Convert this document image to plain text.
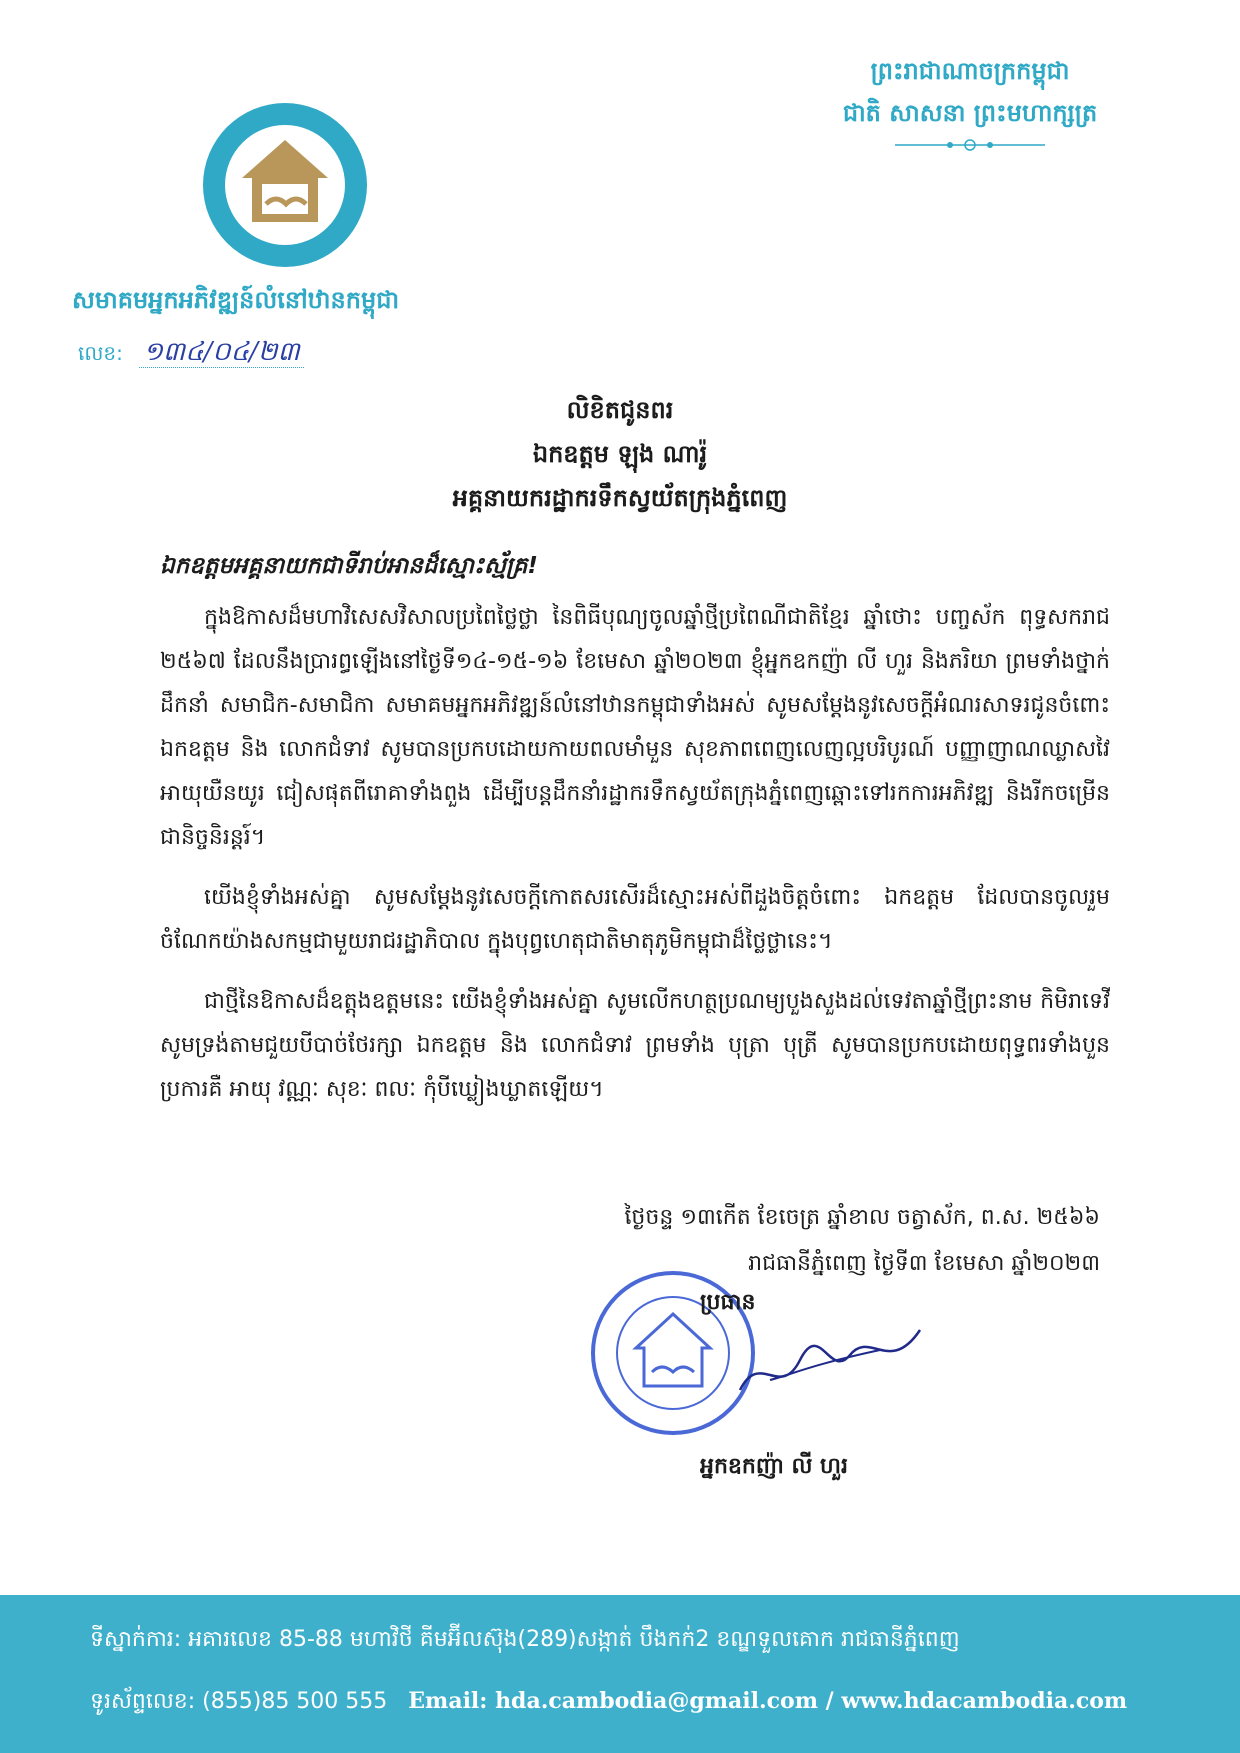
ព្រះរាជាណាចក្រកម្ពុជា
ជាតិ សាសនា ព្រះមហាក្សត្រ
សមាគមអ្នកអភិវឌ្ឍន៍លំនៅឋានកម្ពុជា
លេខ: ១៣៤/០៤/២៣
លិខិតជូនពរ
ឯកឧត្តម ឡុង ណារ៉ូ
អគ្គនាយករដ្ឋាករទឹកស្វយ័តក្រុងភ្នំពេញ
ឯកឧត្តមអគ្គនាយកជាទីរាប់អានដ៏ស្មោះស្ម័គ្រ!

ក្នុងឱកាសដ៏មហាវិសេសវិសាលប្រពៃថ្លៃថ្លា នៃពិធីបុណ្យចូលឆ្នាំថ្មីប្រពៃណីជាតិខ្មែរ ឆ្នាំថោះ បញ្ចស័ក ពុទ្ធសករាជ ២៥៦៧ ដែលនឹងប្រារព្ធឡើងនៅថ្ងៃទី១៤-១៥-១៦ ខែមេសា ឆ្នាំ២០២៣ ខ្ញុំអ្នកឧកញ៉ា លី ហួរ និងភរិយា ព្រមទាំងថ្នាក់ដឹកនាំ សមាជិក-សមាជិកា សមាគមអ្នកអភិវឌ្ឍន៍លំនៅឋានកម្ពុជាទាំងអស់ សូមសម្តែងនូវសេចក្តីអំណរសាទរជូនចំពោះ ឯកឧត្តម និង លោកជំទាវ សូមបានប្រកបដោយកាយពលមាំមួន សុខភាពពេញលេញល្អបរិបូរណ៍ បញ្ញាញាណឈ្លាសវៃ អាយុយឺនយូរ ជៀសផុតពីរោគាទាំងពួង ដើម្បីបន្តដឹកនាំរដ្ឋាករទឹកស្វយ័តក្រុងភ្នំពេញឆ្ពោះទៅរកការអភិវឌ្ឍ និងរីកចម្រើនជានិច្ចនិរន្តរ៍។

យើងខ្ញុំទាំងអស់គ្នា សូមសម្តែងនូវសេចក្តីកោតសរសើរដ៏ស្មោះអស់ពីដួងចិត្តចំពោះ ឯកឧត្តម ដែលបានចូលរួមចំណែកយ៉ាងសកម្មជាមួយរាជរដ្ឋាភិបាល ក្នុងបុព្វហេតុជាតិមាតុភូមិកម្ពុជាដ៏ថ្លៃថ្លានេះ។

ជាថ្មីនៃឱកាសដ៏ឧត្តុងឧត្តមនេះ យើងខ្ញុំទាំងអស់គ្នា សូមលើកហត្ថប្រណម្យបួងសួងដល់ទេវតាឆ្នាំថ្មីព្រះនាម កិមិរាទេវី សូមទ្រង់តាមជួយបីបាច់ថែរក្សា ឯកឧត្តម និង លោកជំទាវ ព្រមទាំង បុត្រា បុត្រី សូមបានប្រកបដោយពុទ្ធពរទាំងបួនប្រការគឺ អាយុ វណ្ណៈ សុខៈ ពលៈ កុំបីឃ្លៀងឃ្លាតឡើយ។

ថ្ងៃចន្ទ ១៣កើត ខែចេត្រ ឆ្នាំខាល ចត្វាស័ក, ព.ស. ២៥៦៦
រាជធានីភ្នំពេញ ថ្ងៃទី៣ ខែមេសា ឆ្នាំ២០២៣
ប្រធាន
អ្នកឧកញ៉ា លី ហួរ
ទីស្នាក់ការ: អគារលេខ 85-88 មហាវិថី គីមអ៊ីលស៊ុង(289)សង្កាត់ បឹងកក់2 ខណ្ឌទួលគោក រាជធានីភ្នំពេញ
ទូរស័ព្ទលេខ: (855)85 500 555 Email: hda.cambodia@gmail.com / www.hdacambodia.com
